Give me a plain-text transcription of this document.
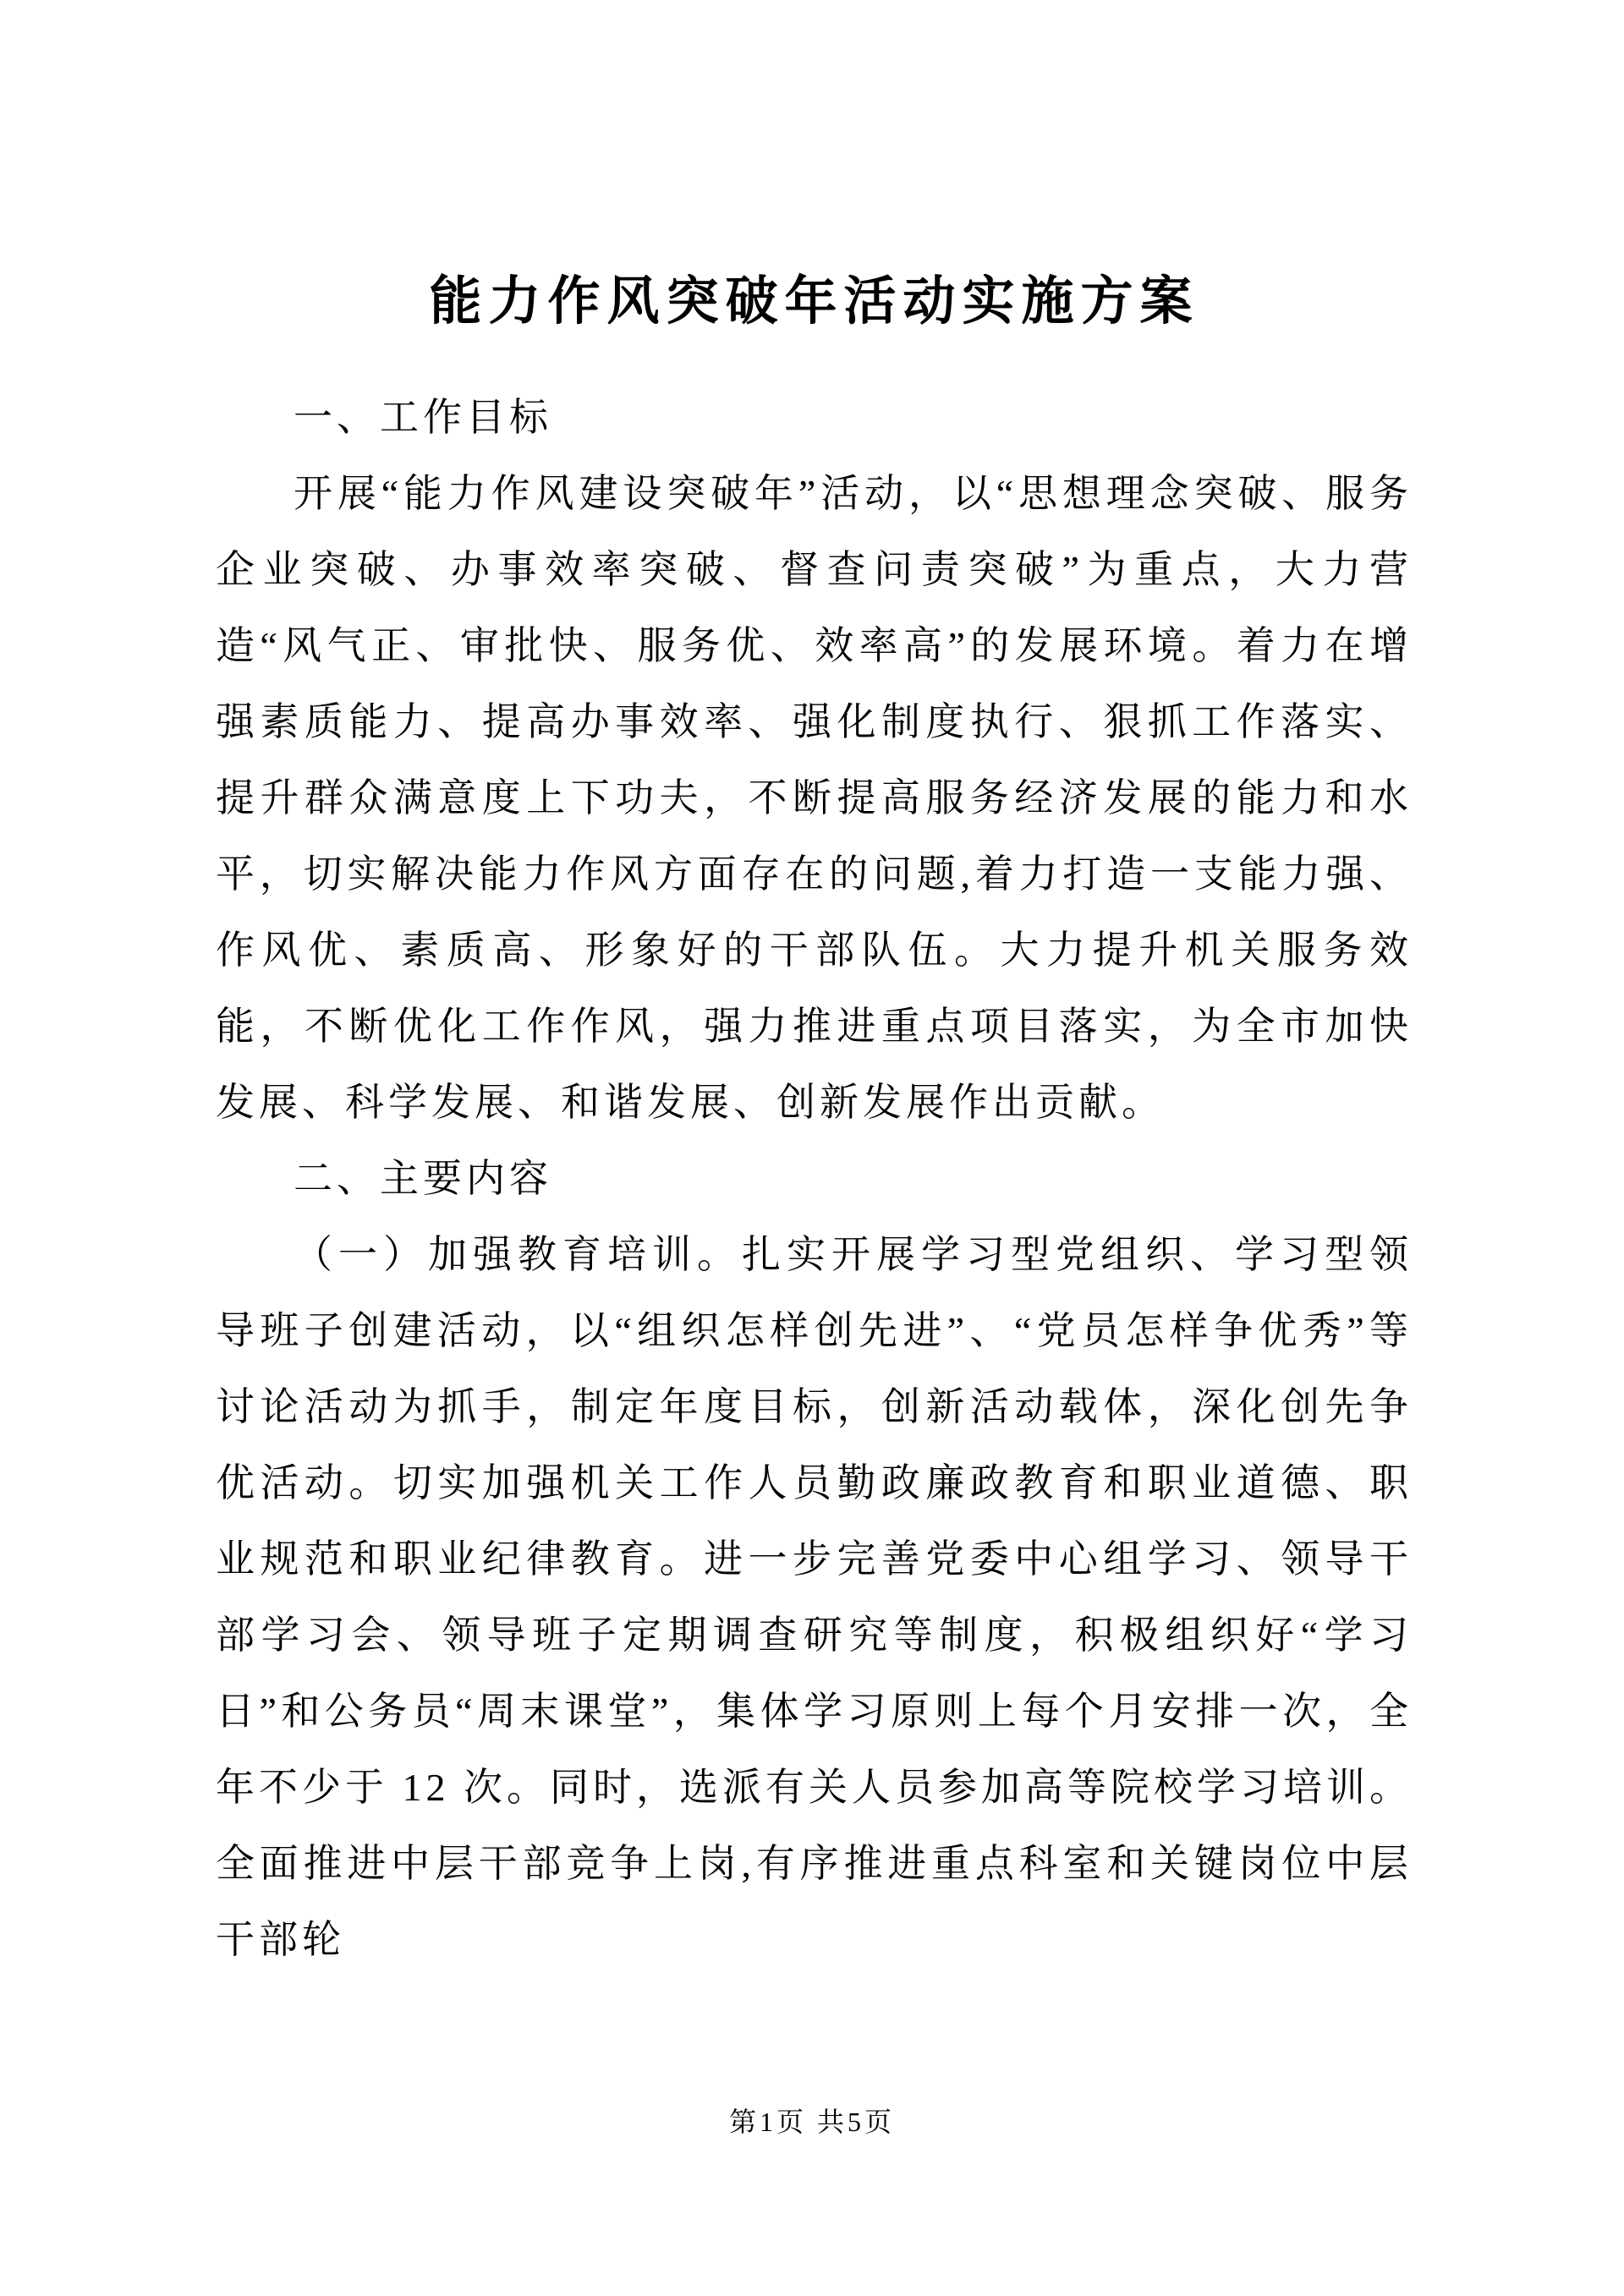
能力作风突破年活动实施方案

一、工作目标

开展“能力作风建设突破年”活动，以“思想理念突破、服务企业突破、办事效率突破、督查问责突破”为重点，大力营造“风气正、审批快、服务优、效率高”的发展环境。着力在增强素质能力、提高办事效率、强化制度执行、狠抓工作落实、提升群众满意度上下功夫，不断提高服务经济发展的能力和水平，切实解决能力作风方面存在的问题,着力打造一支能力强、作风优、素质高、形象好的干部队伍。大力提升机关服务效能，不断优化工作作风，强力推进重点项目落实，为全市加快发展、科学发展、和谐发展、创新发展作出贡献。

二、主要内容

（一）加强教育培训。扎实开展学习型党组织、学习型领导班子创建活动，以“组织怎样创先进”、“党员怎样争优秀”等讨论活动为抓手，制定年度目标，创新活动载体，深化创先争优活动。切实加强机关工作人员勤政廉政教育和职业道德、职业规范和职业纪律教育。进一步完善党委中心组学习、领导干部学习会、领导班子定期调查研究等制度，积极组织好“学习日”和公务员“周末课堂”，集体学习原则上每个月安排一次，全年不少于 12 次。同时，选派有关人员参加高等院校学习培训。全面推进中层干部竞争上岗,有序推进重点科室和关键岗位中层干部轮

第1页 共5页
